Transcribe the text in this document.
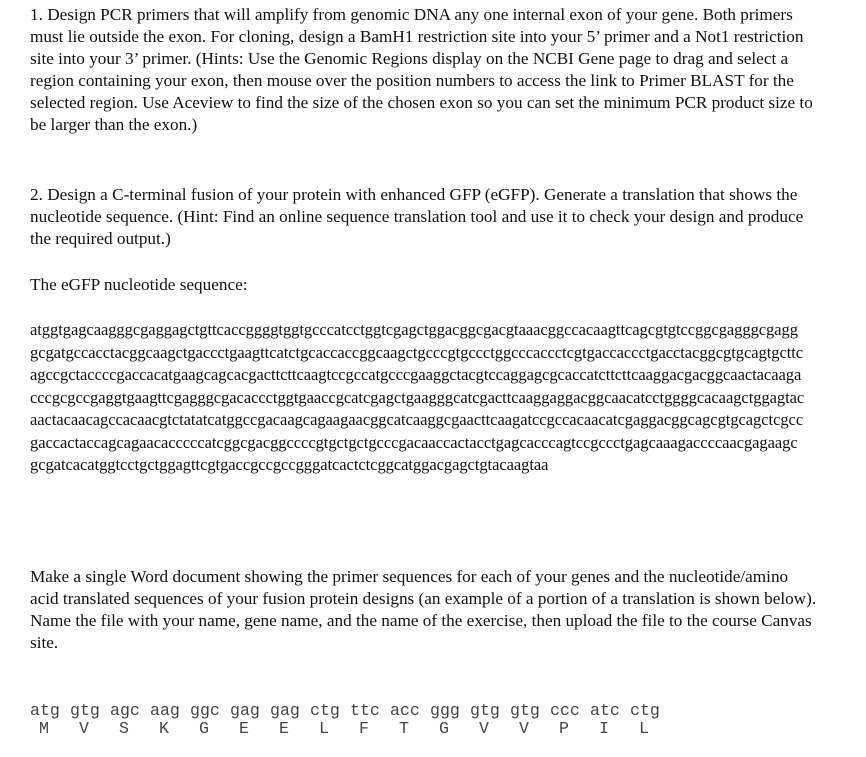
1. Design PCR primers that will amplify from genomic DNA any one internal exon of your gene. Both primers must lie outside the exon. For cloning, design a BamH1 restriction site into your 5’ primer and a Not1 restriction site into your 3’ primer. (Hints: Use the Genomic Regions display on the NCBI Gene page to drag and select a region containing your exon, then mouse over the position numbers to access the link to Primer BLAST for the selected region. Use Aceview to find the size of the chosen exon so you can set the minimum PCR product size to be larger than the exon.)

2. Design a C-terminal fusion of your protein with enhanced GFP (eGFP). Generate a translation that shows the nucleotide sequence. (Hint: Find an online sequence translation tool and use it to check your design and produce the required output.)

The eGFP nucleotide sequence:

atggtgagcaagggcgaggagctgttcaccggggtggtgcccatcctggtcgagctggacggcgacgtaaacggccacaagttcagcgtgtccggcgagggcgagggcgatgccacctacggcaagctgaccctgaagttcatctgcaccaccggcaagctgcccgtgccctggcccaccctcgtgaccaccctgacctacggcgtgcagtgcttcagccgctaccccgaccacatgaagcagcacgacttcttcaagtccgccatgcccgaaggctacgtccaggagcgcaccatcttcttcaaggacgacggcaactacaagacccgcgccgaggtgaagttcgagggcgacaccctggtgaaccgcatcgagctgaagggcatcgacttcaaggaggacggcaacatcctggggcacaagctggagtacaactacaacagccacaacgtctatatcatggccgacaagcagaagaacggcatcaaggcgaacttcaagatccgccacaacatcgaggacggcagcgtgcagctcgccgaccactaccagcagaacacccccatcggcgacggccccgtgctgctgcccgacaaccactacctgagcacccagtccgccctgagcaaagaccccaacgagaagcgcgatcacatggtcctgctggagttcgtgaccgccgccgggatcactctcggcatggacgagctgtacaagtaa

Make a single Word document showing the primer sequences for each of your genes and the nucleotide/amino acid translated sequences of your fusion protein designs (an example of a portion of a translation is shown below). Name the file with your name, gene name, and the name of the exercise, then upload the file to the course Canvas site.

atg gtg agc aag ggc gag gag ctg ttc acc ggg gtg gtg ccc atc ctg
M	V	S	K	G	E	E	L	F	T	G	V	V	P	I	L
